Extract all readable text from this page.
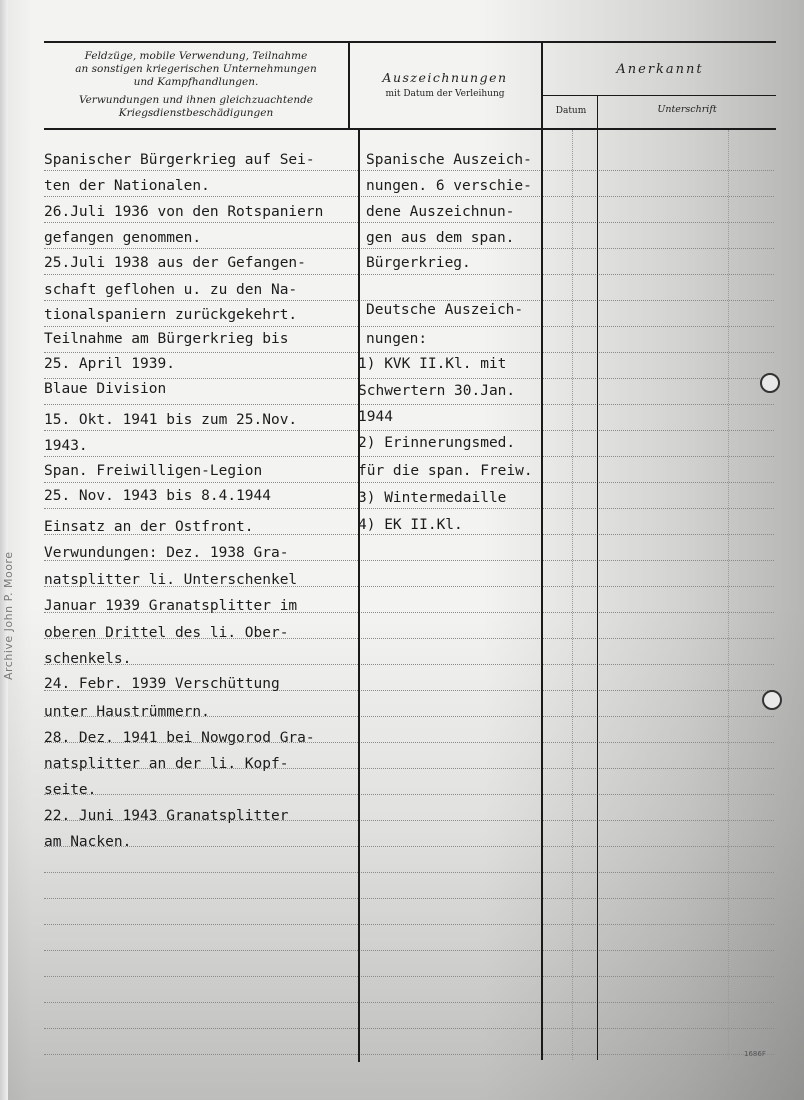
Feldzüge, mobile Verwendung, Teilnahme
an sonstigen kriegerischen Unternehmungen
und Kampfhandlungen.
Verwundungen und ihnen gleichzuachtende
Kriegsdienstbeschädigungen
Auszeichnungen
mit Datum der Verleihung
Anerkannt
Datum	Unterschrift
Spanischer Bürgerkrieg auf Sei-
ten der Nationalen.
26.Juli 1936 von den Rotspaniern
gefangen genommen.
25.Juli 1938 aus der Gefangen-
schaft geflohen u. zu den Na-
tionalspaniern zurückgekehrt.
Teilnahme am Bürgerkrieg bis
25. April 1939.
Blaue Division
15. Okt. 1941 bis zum 25.Nov.
1943.
Span. Freiwilligen-Legion
25. Nov. 1943 bis 8.4.1944
Einsatz an der Ostfront.
Verwundungen: Dez. 1938 Gra-
natsplitter li. Unterschenkel
Januar 1939 Granatsplitter im
oberen Drittel des li. Ober-
schenkels.
24. Febr. 1939 Verschüttung
unter Haustrümmern.
28. Dez. 1941 bei Nowgorod Gra-
natsplitter an der li. Kopf-
seite.
22. Juni 1943 Granatsplitter
am Nacken.
Spanische Auszeich-
nungen. 6 verschie-
dene Auszeichnun-
gen aus dem span.
Bürgerkrieg.
Deutsche Auszeich-
nungen:
1) KVK II.Kl. mit
Schwertern 30.Jan.
1944
2) Erinnerungsmed.
für die span. Freiw.
3) Wintermedaille
4) EK II.Kl.
Archive John P. Moore
1686F
